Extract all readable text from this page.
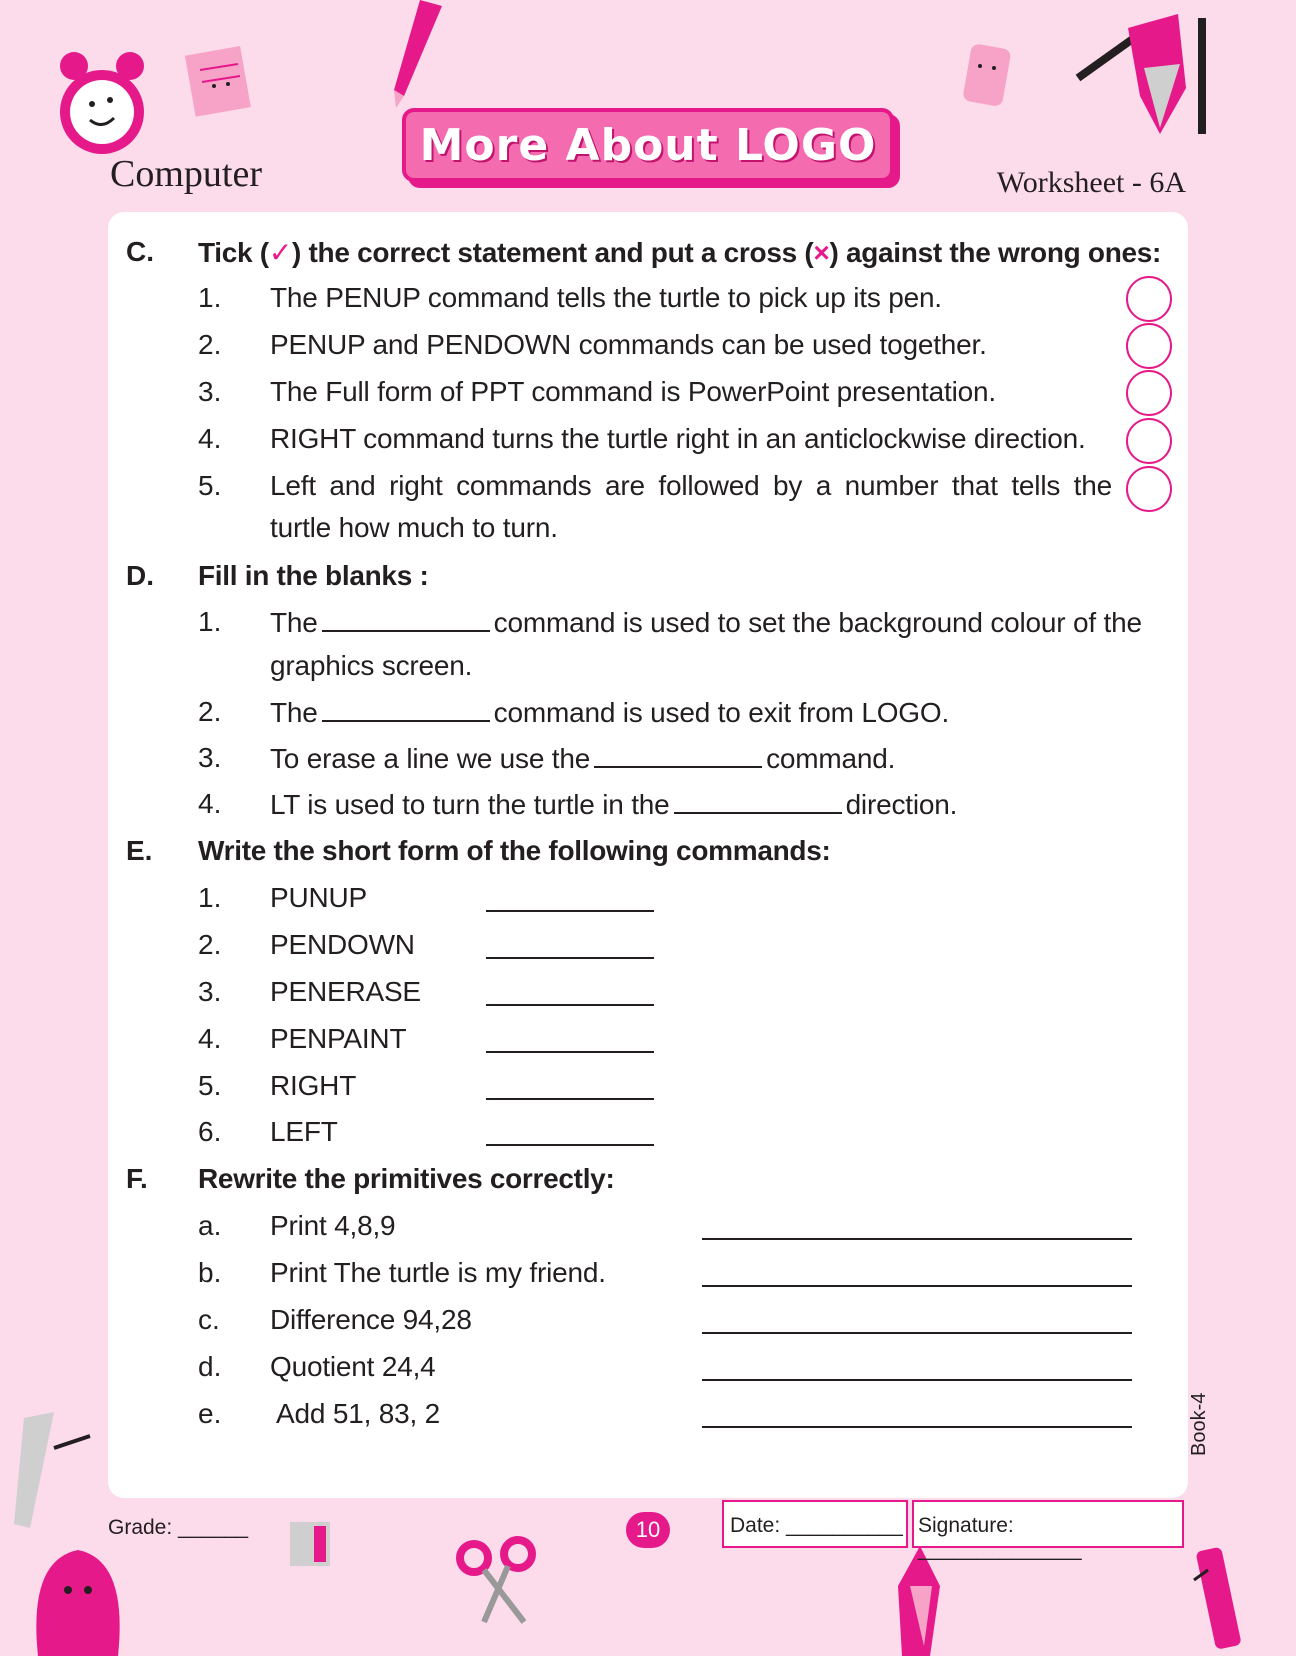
Computer
More About LOGO
Worksheet - 6A
C. Tick (✓) the correct statement and put a cross (×) against the wrong ones:
1. The PENUP command tells the turtle to pick up its pen.
2. PENUP and PENDOWN commands can be used together.
3. The Full form of PPT command is PowerPoint presentation.
4. RIGHT command turns the turtle right in an anticlockwise direction.
5. Left and right commands are followed by a number that tells the
turtle how much to turn.
D. Fill in the blanks :
1. The	command is used to set the background colour of the
graphics screen.
2. The	command is used to exit from LOGO.
3. To erase a line we use the	command.
4. LT is used to turn the turtle in the	direction.
E. Write the short form of the following commands:
1. PUNUP
2. PENDOWN
3. PENERASE
4. PENPAINT
5. RIGHT
6. LEFT
F. Rewrite the primitives correctly:
a. Print 4,8,9
b. Print The turtle is my friend.
c. Difference 94,28
d. Quotient 24,4
e. Add 51, 83, 2	Book-4
Grade: ______	10	Date: __________ Signature: ______________
